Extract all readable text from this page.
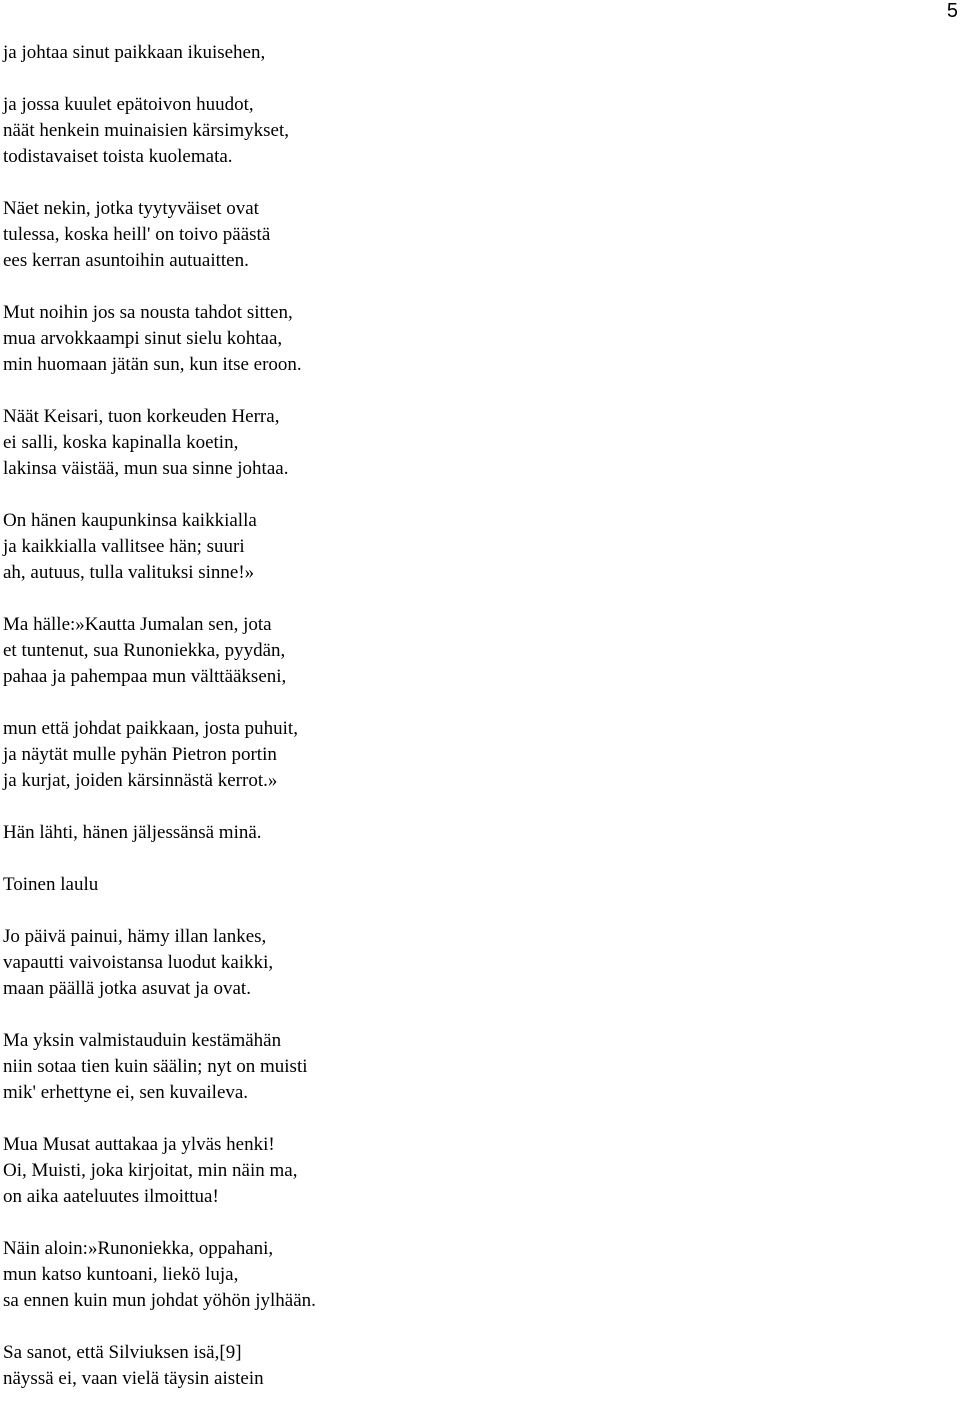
5
ja johtaa sinut paikkaan ikuisehen,
ja jossa kuulet epätoivon huudot,
näät henkein muinaisien kärsimykset,
todistavaiset toista kuolemata.
Näet nekin, jotka tyytyväiset ovat
tulessa, koska heill' on toivo päästä
ees kerran asuntoihin autuaitten.
Mut noihin jos sa nousta tahdot sitten,
mua arvokkaampi sinut sielu kohtaa,
min huomaan jätän sun, kun itse eroon.
Näät Keisari, tuon korkeuden Herra,
ei salli, koska kapinalla koetin,
lakinsa väistää, mun sua sinne johtaa.
On hänen kaupunkinsa kaikkialla
ja kaikkialla vallitsee hän; suuri
ah, autuus, tulla valituksi sinne!»
Ma hälle:»Kautta Jumalan sen, jota
et tuntenut, sua Runoniekka, pyydän,
pahaa ja pahempaa mun välttääkseni,
mun että johdat paikkaan, josta puhuit,
ja näytät mulle pyhän Pietron portin
ja kurjat, joiden kärsinnästä kerrot.»
Hän lähti, hänen jäljessänsä minä.
Toinen laulu
Jo päivä painui, hämy illan lankes,
vapautti vaivoistansa luodut kaikki,
maan päällä jotka asuvat ja ovat.
Ma yksin valmistauduin kestämähän
niin sotaa tien kuin säälin; nyt on muisti
mik' erhettyne ei, sen kuvaileva.
Mua Musat auttakaa ja ylväs henki!
Oi, Muisti, joka kirjoitat, min näin ma,
on aika aateluutes ilmoittua!
Näin aloin:»Runoniekka, oppahani,
mun katso kuntoani, liekö luja,
sa ennen kuin mun johdat yöhön jylhään.
Sa sanot, että Silviuksen isä,[9]
näyssä ei, vaan vielä täysin aistein
